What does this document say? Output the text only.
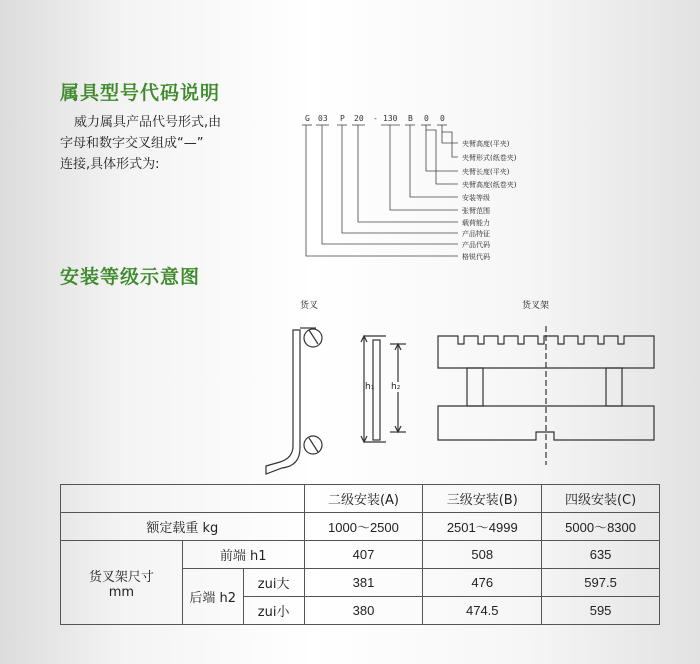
属具型号代码说明
威力属具产品代号形式,由
字母和数字交叉组成“—”
连接,具体形式为:
G 03 P 20 - 130 B 0 0
夹臂高度(平夹)
夹臂形式(纸卷夹)
夹臂长度(平夹)
夹臂高度(纸卷夹)
安装等级
张臂范围
载荷能力
产品特征
产品代码
格锐代码
安装等级示意图
货叉	货叉架
h₁ h₂
			二级安装(A)	三级安装(B)	四级安装(C)
额定载重 kg			1000～2500	2501～4999	5000～8300

货叉架尺寸
mm	前端 h1		407	508	635
	后端 h2	zui大	381	476	597.5
		zui小	380	474.5	595
